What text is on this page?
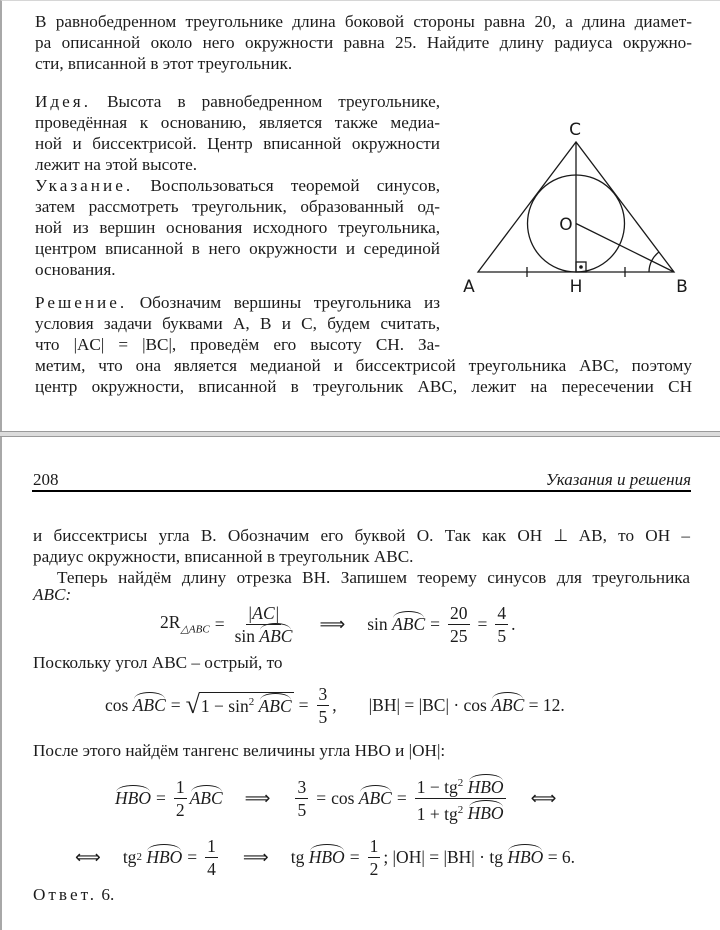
В равнобедренном треугольнике длина боковой стороны равна 20, а длина диамет-
ра описанной около него окружности равна 25. Найдите длину радиуса окружно-
сти, вписанной в этот треугольник.
Идея. Высота в равнобедренном треугольнике,
проведённая к основанию, является также медиа-
ной и биссектрисой. Центр вписанной окружности
лежит на этой высоте.
Указание. Воспользоваться теоремой синусов,
затем рассмотреть треугольник, образованный од-
ной из вершин основания исходного треугольника,
центром вписанной в него окружности и серединой
основания.
Решение. Обозначим вершины треугольника из
условия задачи буквами A, B и C, будем считать,
что |AC| = |BC|, проведём его высоту CH. За-
метим, что она является медианой и биссектрисой треугольника ABC, поэтому
центр окружности, вписанной в треугольник ABC, лежит на пересечении CH
C
O
A	H	B
208	Указания и решения
и биссектрисы угла B. Обозначим его буквой O. Так как OH ⊥ AB, то OH –
радиус окружности, вписанной в треугольник ABC.
Теперь найдём длину отрезка BH. Запишем теорему синусов для треугольника
ABC:
$2R_{\triangle ABC} = \frac{|AC|}{\text{sin ABC}}$ ⟹ sin
ABC = $\frac{20}{25} = \frac{4}{5}$ .
Поскольку угол ABC – острый, то
cos
ABC = √ $1 - \sin^2$ ABC = $\frac{3}{5}$ , |BH| = |BC| · cos
ABC
= 12.
После этого найдём тангенс величины угла HBO и |OH|:
HBO = $\frac{1}{2}$ ABC ⟹ $\frac{3}{5} = \cos$
ABC = $\frac{1 - tg^2 HBO}{1 + tg^2 HBO}$ ⟺
⟺ tg 2
HBO = $\frac{1}{4}$ ⟹ tg
HBO = $\frac{1}{2}$ ; |OH| = |BH| · tg
HBO
= 6.
Ответ. 6.
